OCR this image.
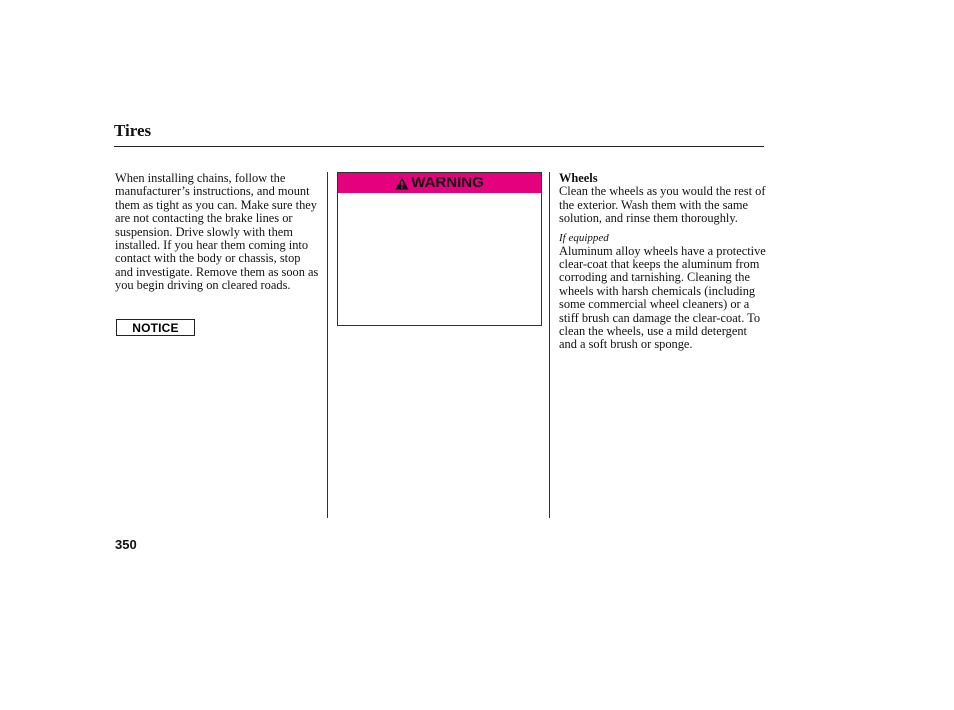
Tires

When installing chains, follow the manufacturer’s instructions, and mount them as tight as you can. Make sure they are not contacting the brake lines or suspension. Drive slowly with them installed. If you hear them coming into contact with the body or chassis, stop and investigate. Remove them as soon as you begin driving on cleared roads.

NOTICE
WARNING	Wheels

Clean the wheels as you would the rest of the exterior. Wash them with the same solution, and rinse them thoroughly.

If equipped

Aluminum alloy wheels have a protective clear-coat that keeps the aluminum from corroding and tarnishing. Cleaning the wheels with harsh chemicals (including some commercial wheel cleaners) or a stiff brush can damage the clear-coat. To clean the wheels, use a mild detergent and a soft brush or sponge.

350
